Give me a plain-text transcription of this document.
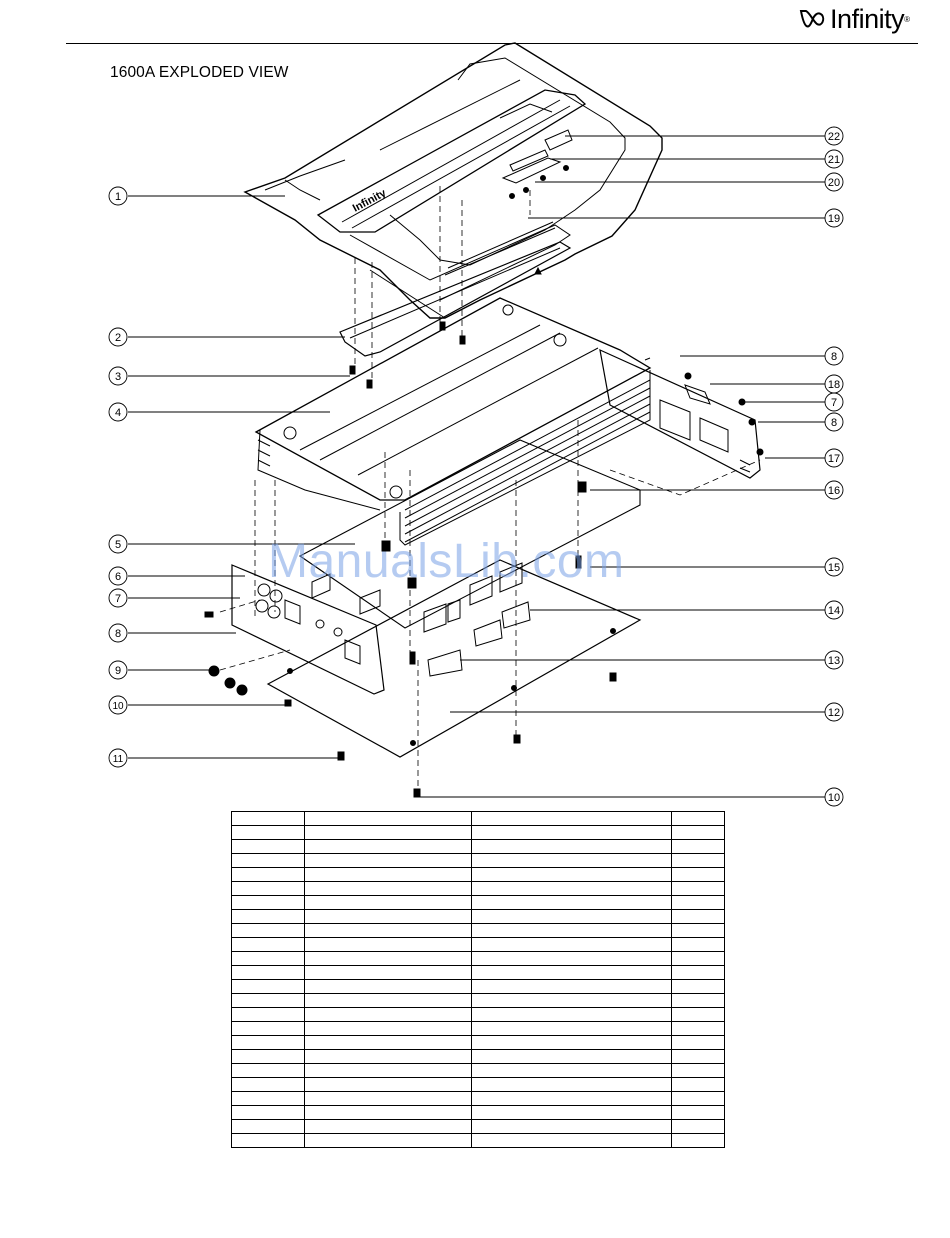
Infinity ®
1600A EXPLODED VIEW
Infinity
1
2
3
4
5
6
7
8
9
10
11
22
21
20
19
8
18
7
8
17
16
15
14
13
12
10
ManualsLib.com
